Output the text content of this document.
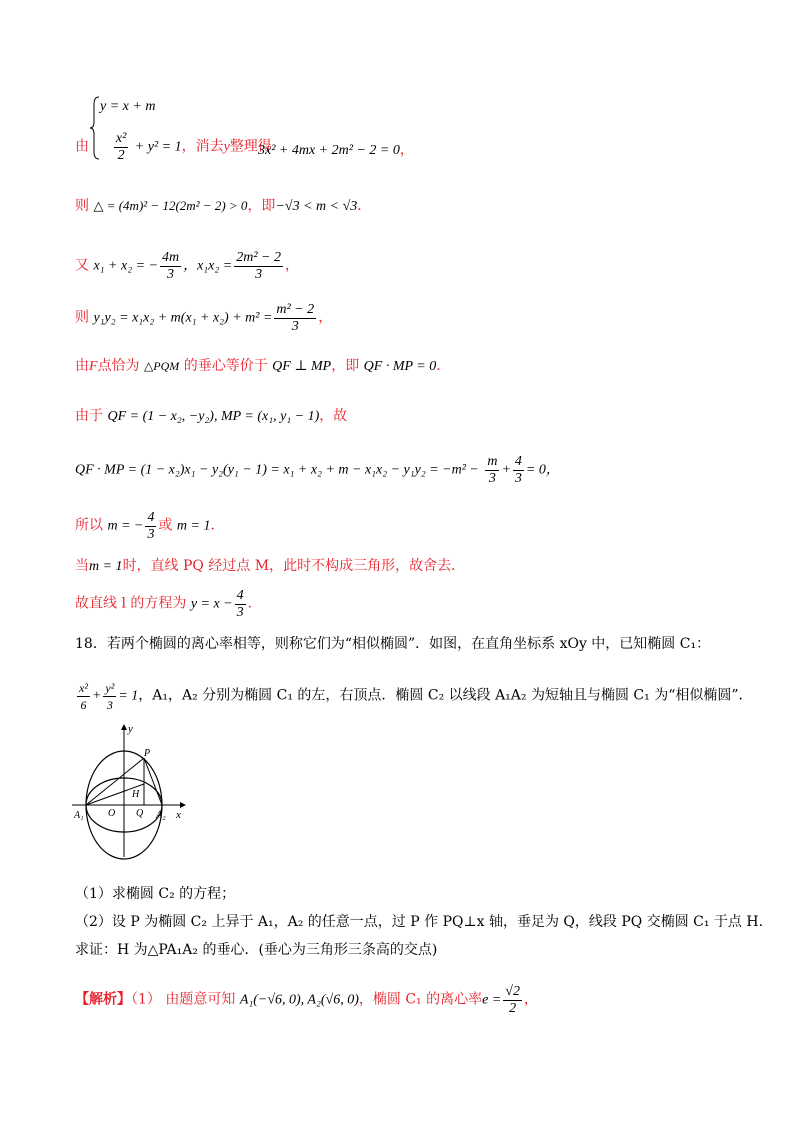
y = x + m
由 $\frac{\text{x²}}{2} + y^2 = 1$，消去y整理得
3x² + 4mx + 2m² − 2 = 0，
则 △ = (4m)² − 12(2m² − 2) > 0，即−√3 < m < √3．
又 x₁ + x₂ = − $\frac{4m}{3}$ ，$x_1x_2 = \frac{\text{2m² − 2}}{3}$ ，
则 $y_1y_2 = x_1x_2 + m(x_1 + x_2) + m^2 = \frac{\text{m² − 2}}{3}$ ，
由F点恰为 △PQM 的垂心等价于 QF ⊥ MP，即 QF · MP = 0．
由于 QF = (1 − x₂, −y₂), MP = (x₁, y₁ − 1)，故
QF · MP = $(1 - x_2)x_1 - y_2(y_1 - 1) = x_1 + x_2 + m - x_1x_2 - y_1y_2 = -m^2 - \frac{m}{3} + \frac{4}{3} = 0$，
所以 m = − $\frac{4}{3}$ 或 m = 1．
当m = 1时，直线 PQ 经过点 M，此时不构成三角形，故舍去．
故直线 l 的方程为 $y = x - \frac{4}{3}$ ．
18．若两个椭圆的离心率相等，则称它们为“相似椭圆”．如图，在直角坐标系 xOy 中，已知椭圆 C₁：
$\frac{\text{x²}}{6} + \frac{\text{y²}}{3} = 1$，A₁，A₂ 分别为椭圆 C₁ 的左，右顶点．椭圆 C₂ 以线段 A₁A₂ 为短轴且与椭圆 C₁ 为“相似椭圆”．
y
x
P
H
O Q
A₁	A₂
（1）求椭圆 C₂ 的方程；
（2）设 P 为椭圆 C₂ 上异于 A₁，A₂ 的任意一点，过 P 作 PQ⊥x 轴，垂足为 Q，线段 PQ 交椭圆 C₁ 于点 H.
求证：H 为△PA₁A₂ 的垂心．(垂心为三角形三条高的交点)
【解析】（1） 由题意可知 A₁(−√6, 0), A₂(√6, 0)，椭圆 C₁ 的离心率$e = \frac{√2}{2}$ ，
